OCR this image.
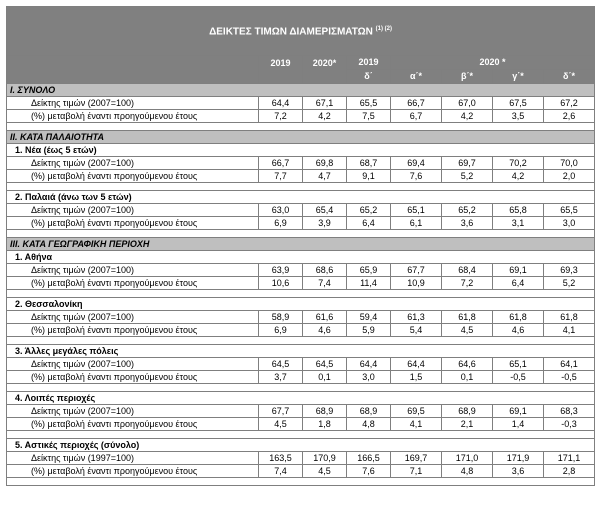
ΔΕΙΚΤΕΣ ΤΙΜΩΝ ΔΙΑΜΕΡΙΣΜΑΤΩΝ $^{(1) (2)}$
	2019	2020*	2019	2020 *			
			δ΄	α΄*	β΄*	γ΄*	δ΄*
I. ΣΥΝΟΛΟ							
Δείκτης τιμών (2007=100)	64,4	67,1	65,5	66,7	67,0	67,5	67,2
(%) μεταβολή έναντι προηγούμενου έτους	7,2	4,2	7,5	6,7	4,2	3,5	2,6

II. ΚΑΤΑ ΠΑΛΑΙΟΤΗΤΑ							
1. Νέα (έως 5 ετών)							
Δείκτης τιμών (2007=100)	66,7	69,8	68,7	69,4	69,7	70,2	70,0
(%) μεταβολή έναντι προηγούμενου έτους	7,7	4,7	9,1	7,6	5,2	4,2	2,0

2. Παλαιά (άνω των 5 ετών)							
Δείκτης τιμών (2007=100)	63,0	65,4	65,2	65,1	65,2	65,8	65,5
(%) μεταβολή έναντι προηγούμενου έτους	6,9	3,9	6,4	6,1	3,6	3,1	3,0

III. ΚΑΤΑ ΓΕΩΓΡΑΦΙΚΗ ΠΕΡΙΟΧΗ							
1. Αθήνα							
Δείκτης τιμών (2007=100)	63,9	68,6	65,9	67,7	68,4	69,1	69,3
(%) μεταβολή έναντι προηγούμενου έτους	10,6	7,4	11,4	10,9	7,2	6,4	5,2

2. Θεσσαλονίκη							
Δείκτης τιμών (2007=100)	58,9	61,6	59,4	61,3	61,8	61,8	61,8
(%) μεταβολή έναντι προηγούμενου έτους	6,9	4,6	5,9	5,4	4,5	4,6	4,1

3. Άλλες μεγάλες πόλεις							
Δείκτης τιμών (2007=100)	64,5	64,5	64,4	64,4	64,6	65,1	64,1
(%) μεταβολή έναντι προηγούμενου έτους	3,7	0,1	3,0	1,5	0,1	-0,5	-0,5

4. Λοιπές περιοχές							
Δείκτης τιμών (2007=100)	67,7	68,9	68,9	69,5	68,9	69,1	68,3
(%) μεταβολή έναντι προηγούμενου έτους	4,5	1,8	4,8	4,1	2,1	1,4	-0,3

5. Αστικές περιοχές (σύνολο)							
Δείκτης τιμών (1997=100)	163,5	170,9	166,5	169,7	171,0	171,9	171,1
(%) μεταβολή έναντι προηγούμενου έτους	7,4	4,5	7,6	7,1	4,8	3,6	2,8
